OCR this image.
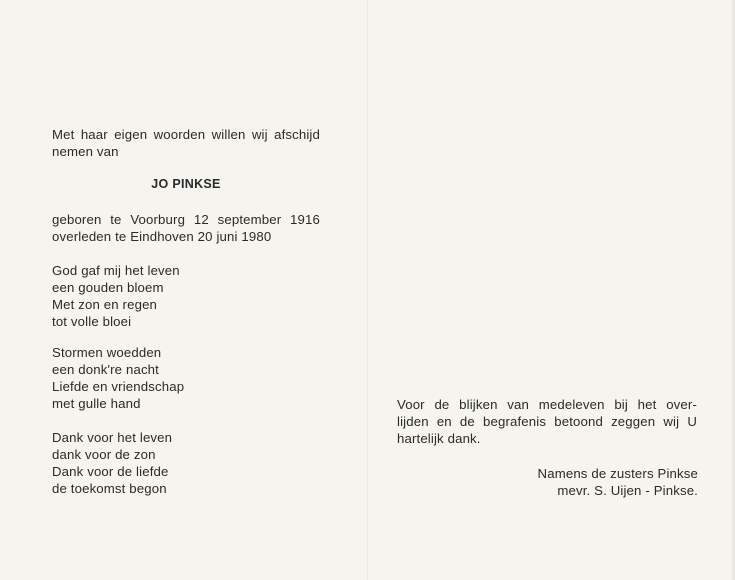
Met haar eigen woorden willen wij afschijd
nemen van
JO PINKSE
geboren te Voorburg 12 september 1916
overleden te Eindhoven 20 juni 1980
God gaf mij het leven
een gouden bloem
Met zon en regen
tot volle bloei
Stormen woedden
een donk're nacht
Liefde en vriendschap
met gulle hand
Dank voor het leven
dank voor de zon
Dank voor de liefde
de toekomst begon
Voor de blijken van medeleven bij het over-
lijden en de begrafenis betoond zeggen wij U
hartelijk dank.
Namens de zusters Pinkse
mevr. S. Uijen - Pinkse.
